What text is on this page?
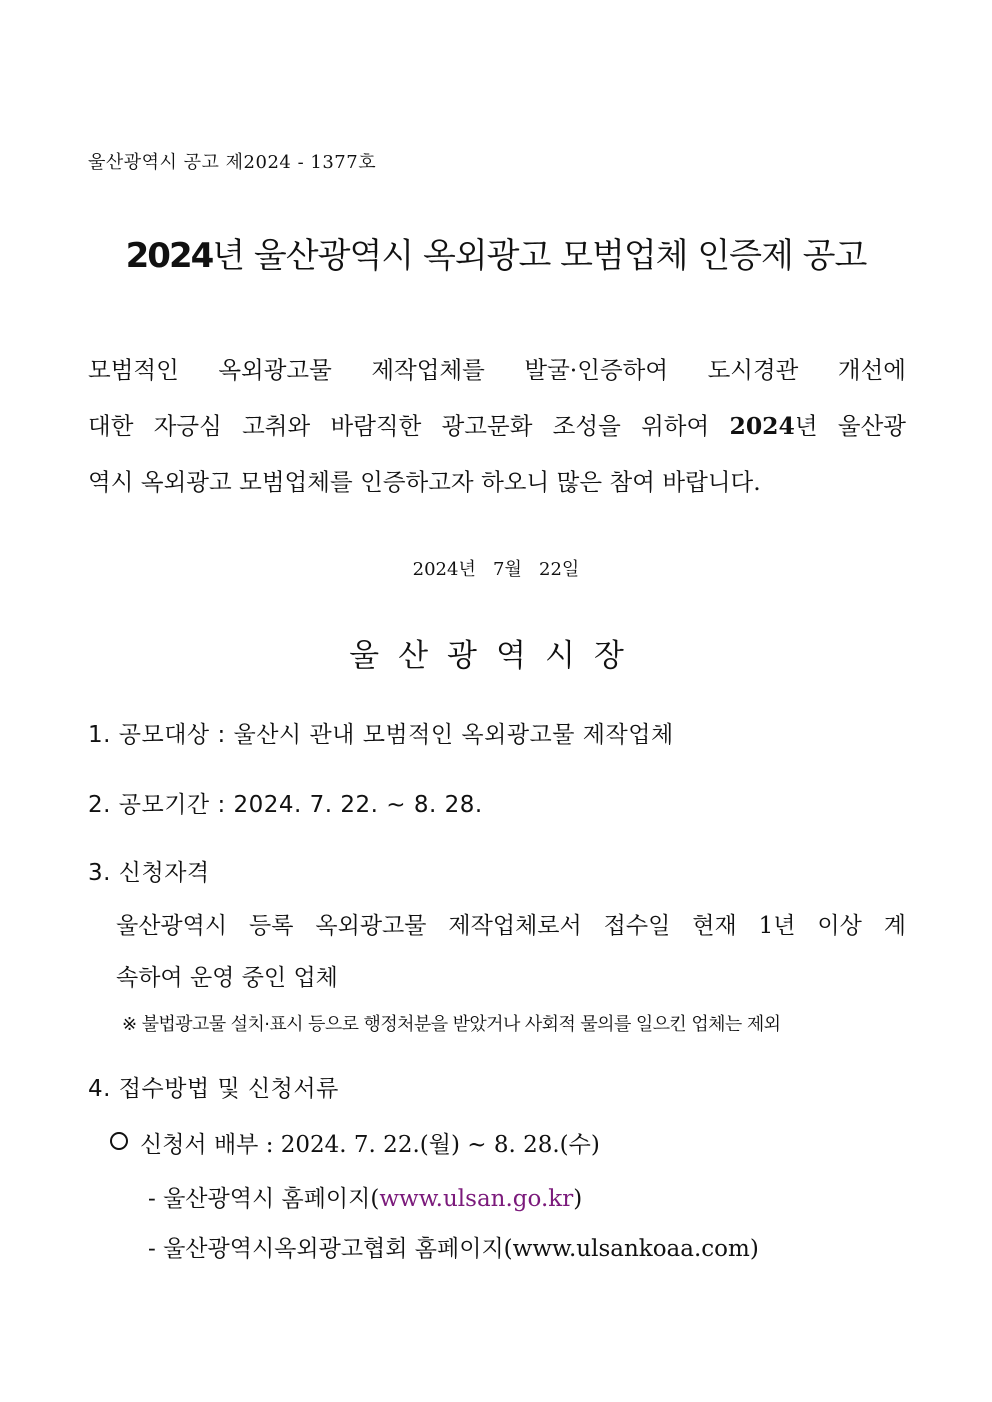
울산광역시 공고 제2024 - 1377호
2024년 울산광역시 옥외광고 모범업체 인증제 공고
모범적인 옥외광고물 제작업체를 발굴·인증하여 도시경관 개선에
대한 자긍심 고취와 바람직한 광고문화 조성을 위하여 2024년 울산광
역시 옥외광고 모범업체를 인증하고자 하오니 많은 참여 바랍니다.
2024년   7월   22일
울산광역시장
1. 공모대상 : 울산시 관내 모범적인 옥외광고물 제작업체
2. 공모기간 : 2024. 7. 22. ~ 8. 28.
3. 신청자격
울산광역시 등록 옥외광고물 제작업체로서 접수일 현재 1년 이상 계
속하여 운영 중인 업체
※ 불법광고물 설치·표시 등으로 행정처분을 받았거나 사회적 물의를 일으킨 업체는 제외
4. 접수방법 및 신청서류
신청서 배부 : 2024. 7. 22.(월) ~ 8. 28.(수)
- 울산광역시 홈페이지(www.ulsan.go.kr)
- 울산광역시옥외광고협회 홈페이지(www.ulsankoaa.com)
